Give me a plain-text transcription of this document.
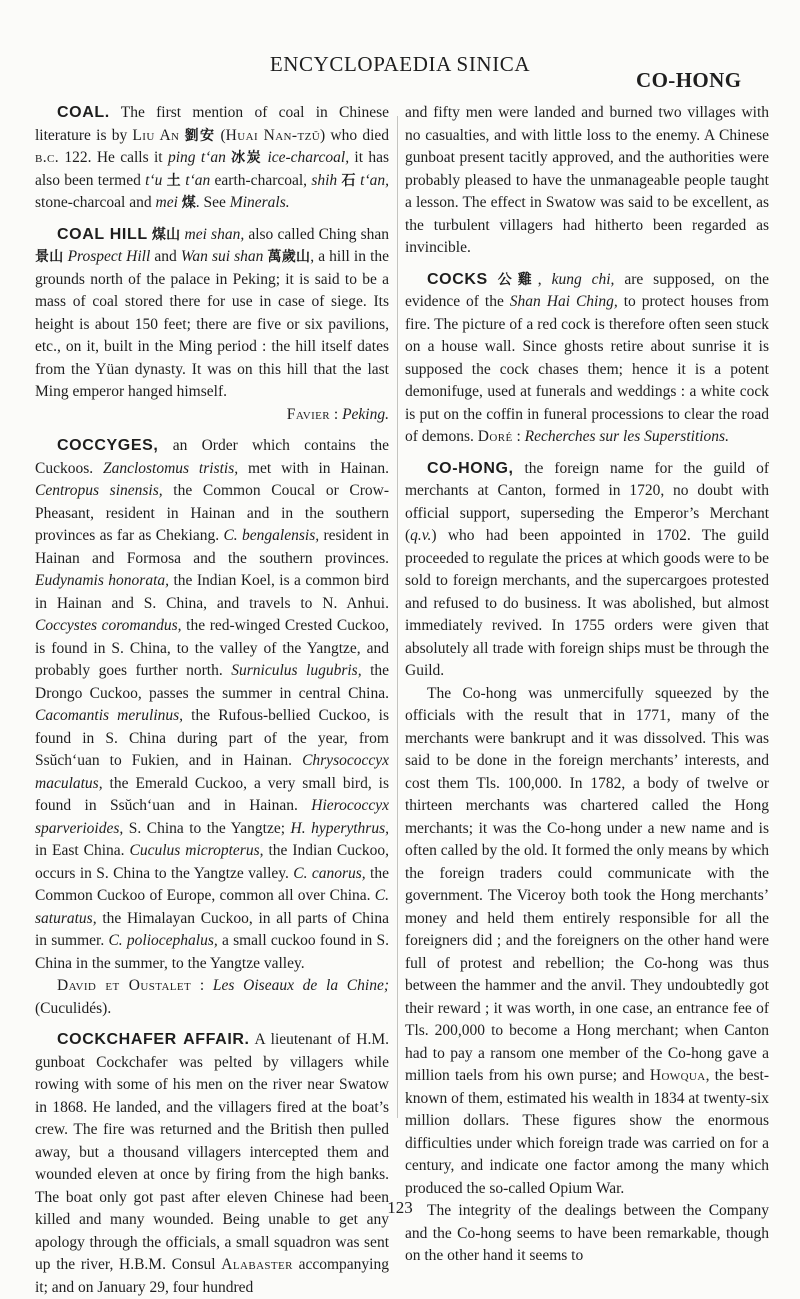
ENCYCLOPAEDIA SINICA
CO-HONG

COAL. The first mention of coal in Chinese literature is by Liu An 劉安 (Huai Nan-tzŭ) who died b.c. 122. He calls it ping t‘an 冰炭 ice-charcoal, it has also been termed t‘u 土 t‘an earth-charcoal, shih 石 t‘an, stone-charcoal and mei 煤. See Minerals.

COAL HILL 煤山 mei shan, also called Ching shan 景山 Prospect Hill and Wan sui shan 萬歲山, a hill in the grounds north of the palace in Peking; it is said to be a mass of coal stored there for use in case of siege. Its height is about 150 feet; there are five or six pavilions, etc., on it, built in the Ming period : the hill itself dates from the Yüan dynasty. It was on this hill that the last Ming emperor hanged himself.

Favier : Peking.

COCCYGES, an Order which contains the Cuckoos. Zanclostomus tristis, met with in Hainan. Centropus sinensis, the Common Coucal or Crow-Pheasant, resident in Hainan and in the southern provinces as far as Chekiang. C. bengalensis, resident in Hainan and Formosa and the southern provinces. Eudynamis honorata, the Indian Koel, is a common bird in Hainan and S. China, and travels to N. Anhui. Coccystes coromandus, the red-winged Crested Cuckoo, is found in S. China, to the valley of the Yangtze, and probably goes further north. Surniculus lugubris, the Drongo Cuckoo, passes the summer in central China. Cacomantis merulinus, the Rufous-bellied Cuckoo, is found in S. China during part of the year, from Ssŭch‘uan to Fukien, and in Hainan. Chrysococcyx maculatus, the Emerald Cuckoo, a very small bird, is found in Ssŭch‘uan and in Hainan. Hierococcyx sparverioides, S. China to the Yangtze; H. hyperythrus, in East China. Cuculus micropterus, the Indian Cuckoo, occurs in S. China to the Yangtze valley. C. canorus, the Common Cuckoo of Europe, common all over China. C. saturatus, the Himalayan Cuckoo, in all parts of China in summer. C. poliocephalus, a small cuckoo found in S. China in the summer, to the Yangtze valley.

David et Oustalet : Les Oiseaux de la Chine; (Cuculidés).

COCKCHAFER AFFAIR. A lieutenant of H.M. gunboat Cockchafer was pelted by villagers while rowing with some of his men on the river near Swatow in 1868. He landed, and the villagers fired at the boat’s crew. The fire was returned and the British then pulled away, but a thousand villagers intercepted them and wounded eleven at once by firing from the high banks. The boat only got past after eleven Chinese had been killed and many wounded. Being unable to get any apology through the officials, a small squadron was sent up the river, H.B.M. Consul Alabaster accompanying it; and on January 29, four hundred

and fifty men were landed and burned two villages with no casualties, and with little loss to the enemy. A Chinese gunboat present tacitly approved, and the authorities were probably pleased to have the unmanageable people taught a lesson. The effect in Swatow was said to be excellent, as the turbulent villagers had hitherto been regarded as invincible.

COCKS 公雞, kung chi, are supposed, on the evidence of the Shan Hai Ching, to protect houses from fire. The picture of a red cock is therefore often seen stuck on a house wall. Since ghosts retire about sunrise it is supposed the cock chases them; hence it is a potent demonifuge, used at funerals and weddings : a white cock is put on the coffin in funeral processions to clear the road of demons. Doré : Recherches sur les Superstitions.

CO-HONG, the foreign name for the guild of merchants at Canton, formed in 1720, no doubt with official support, superseding the Emperor’s Merchant (q.v.) who had been appointed in 1702. The guild proceeded to regulate the prices at which goods were to be sold to foreign merchants, and the supercargoes protested and refused to do business. It was abolished, but almost immediately revived. In 1755 orders were given that absolutely all trade with foreign ships must be through the Guild.

The Co-hong was unmercifully squeezed by the officials with the result that in 1771, many of the merchants were bankrupt and it was dissolved. This was said to be done in the foreign merchants’ interests, and cost them Tls. 100,000. In 1782, a body of twelve or thirteen merchants was chartered called the Hong merchants; it was the Co-hong under a new name and is often called by the old. It formed the only means by which the foreign traders could communicate with the government. The Viceroy both took the Hong merchants’ money and held them entirely responsible for all the foreigners did ; and the foreigners on the other hand were full of protest and rebellion; the Co-hong was thus between the hammer and the anvil. They undoubtedly got their reward ; it was worth, in one case, an entrance fee of Tls. 200,000 to become a Hong merchant; when Canton had to pay a ransom one member of the Co-hong gave a million taels from his own purse; and Howqua, the best-known of them, estimated his wealth in 1834 at twenty-six million dollars. These figures show the enormous difficulties under which foreign trade was carried on for a century, and indicate one factor among the many which produced the so-called Opium War.

The integrity of the dealings between the Company and the Co-hong seems to have been remarkable, though on the other hand it seems to

123
